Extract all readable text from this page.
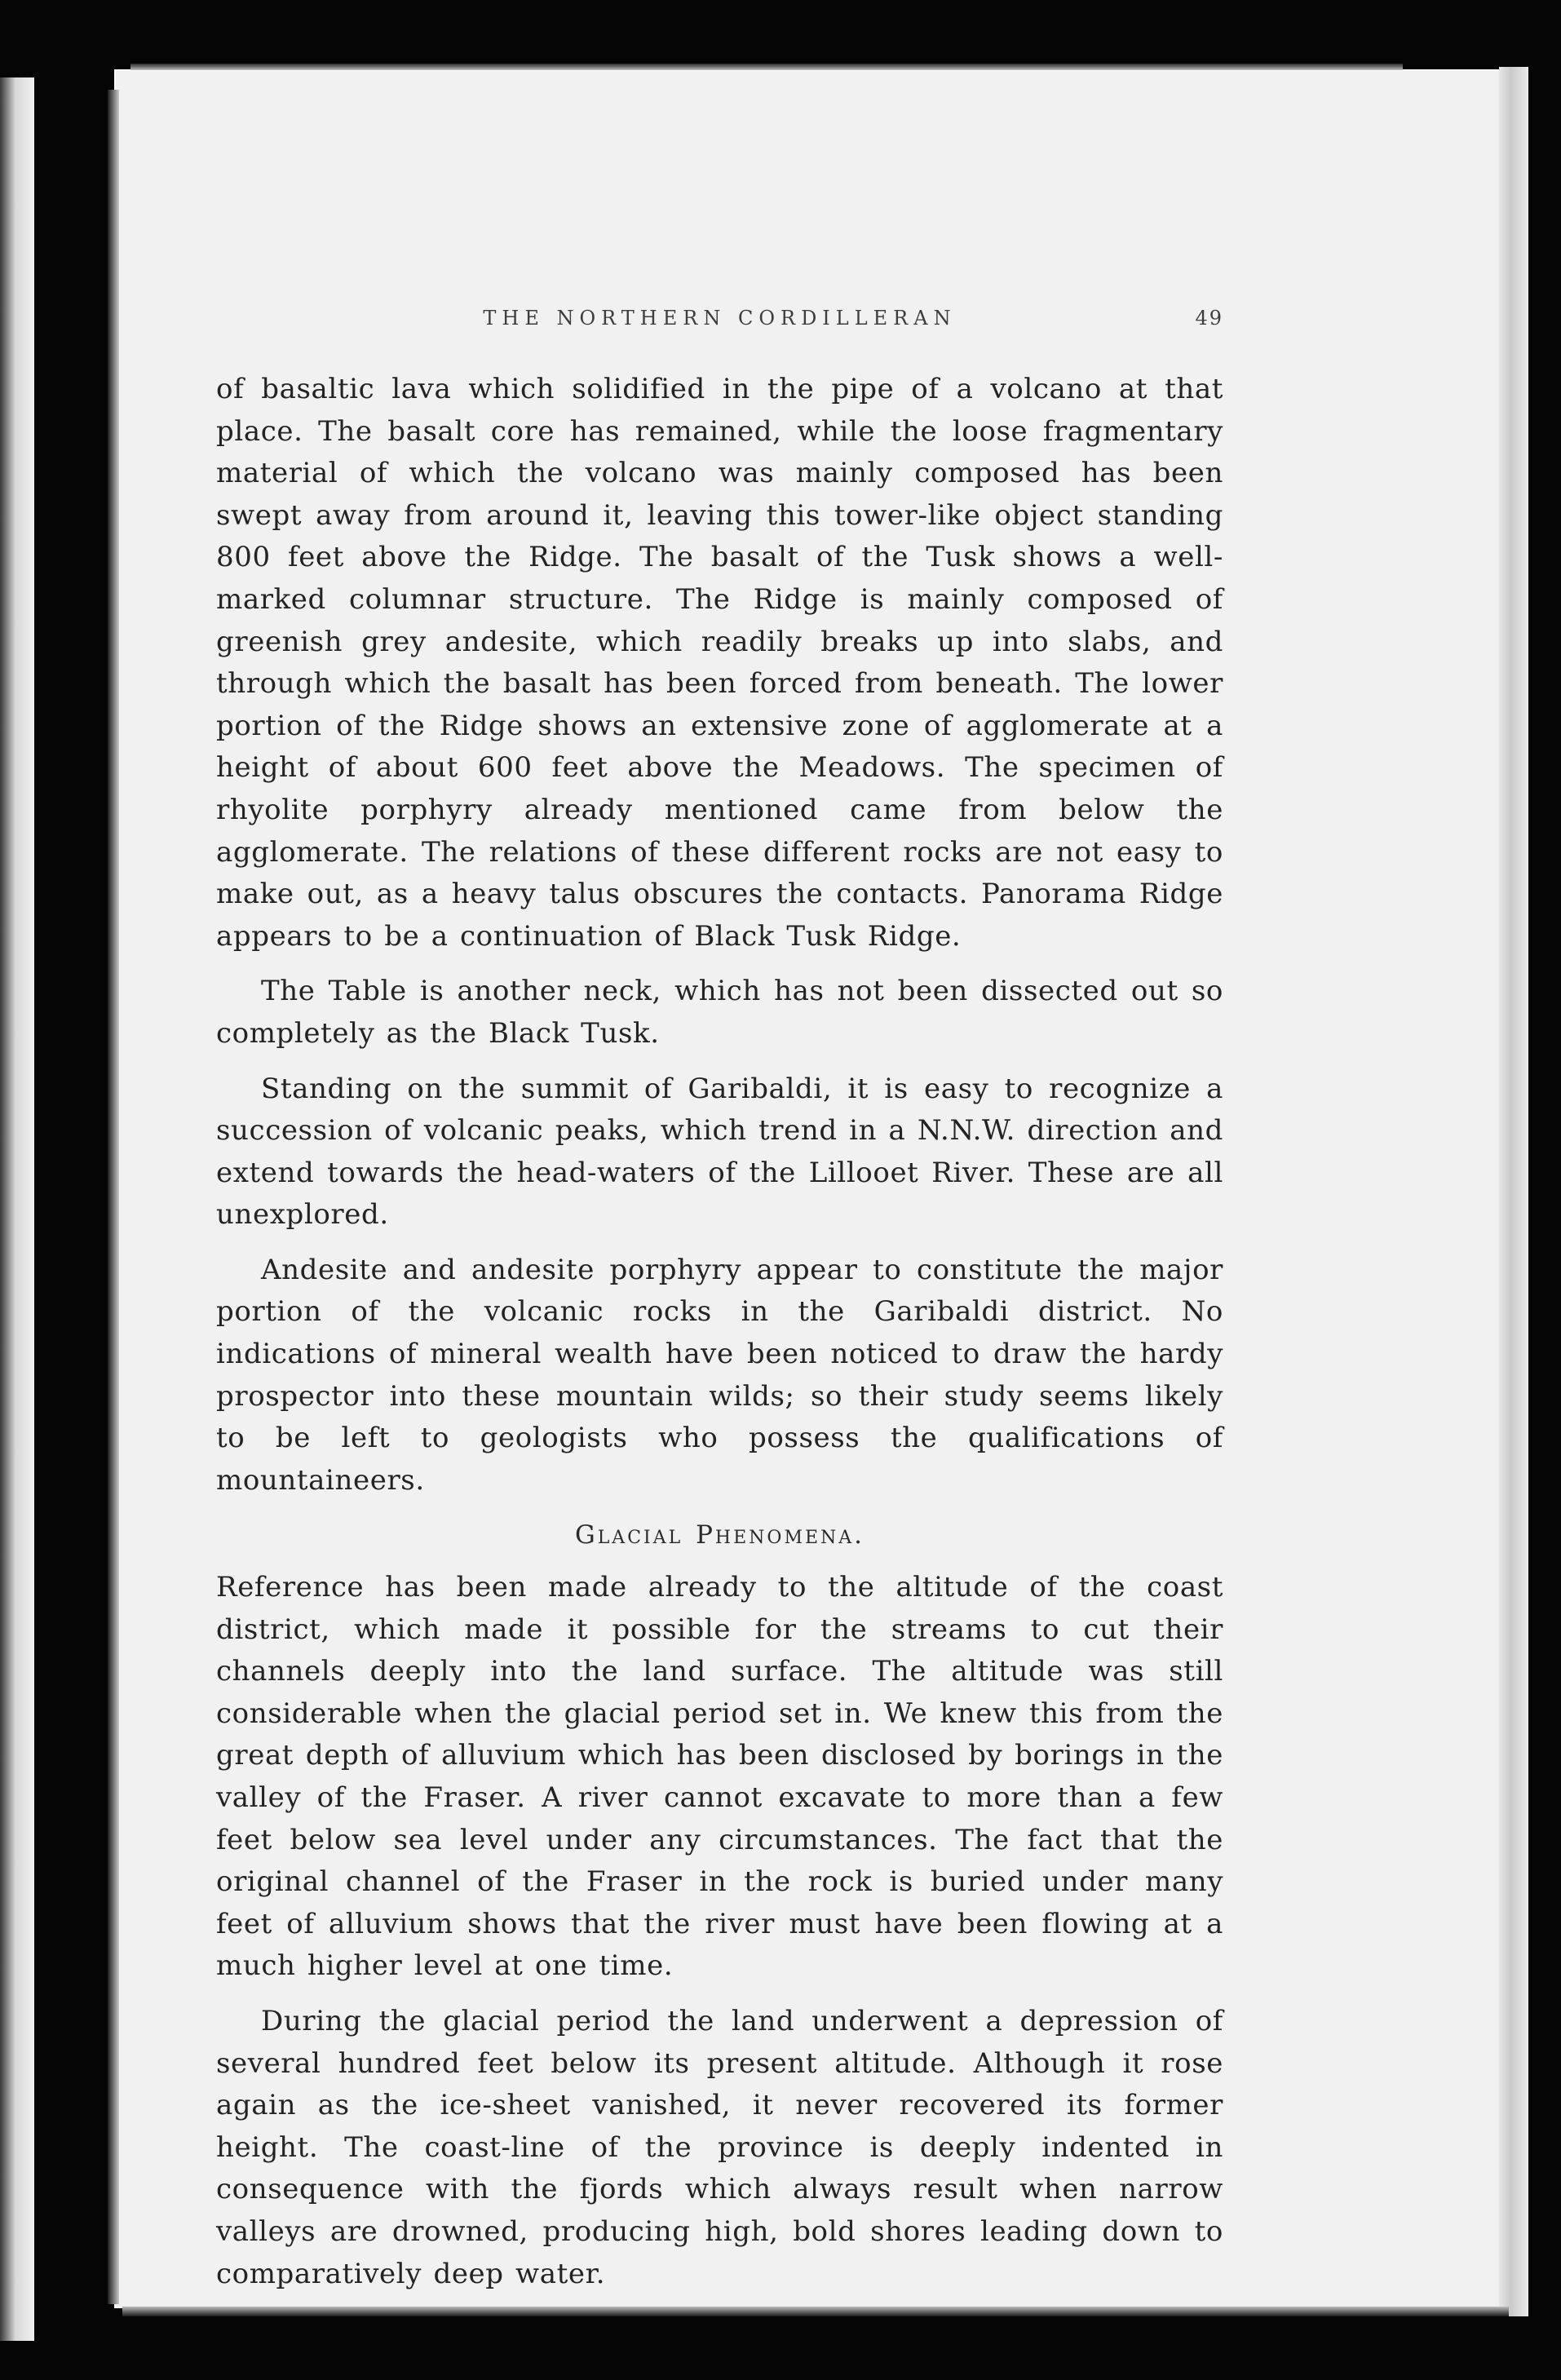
THE NORTHERN CORDILLERAN	49

of basaltic lava which solidified in the pipe of a volcano at that place. The basalt core has remained, while the loose fragmentary material of which the volcano was mainly composed has been swept away from around it, leaving this tower-like object standing 800 feet above the Ridge. The basalt of the Tusk shows a well-marked columnar structure. The Ridge is mainly composed of greenish grey andesite, which readily breaks up into slabs, and through which the basalt has been forced from beneath. The lower portion of the Ridge shows an extensive zone of agglomerate at a height of about 600 feet above the Meadows. The specimen of rhyolite porphyry already mentioned came from below the agglomerate. The relations of these different rocks are not easy to make out, as a heavy talus obscures the contacts. Panorama Ridge appears to be a continuation of Black Tusk Ridge.

The Table is another neck, which has not been dissected out so completely as the Black Tusk.

Standing on the summit of Garibaldi, it is easy to recognize a succession of volcanic peaks, which trend in a N.N.W. direction and extend towards the head-waters of the Lillooet River. These are all unexplored.

Andesite and andesite porphyry appear to constitute the major portion of the volcanic rocks in the Garibaldi district. No indications of mineral wealth have been noticed to draw the hardy prospector into these mountain wilds; so their study seems likely to be left to geologists who possess the qualifications of mountaineers.

Glacial Phenomena.

Reference has been made already to the altitude of the coast district, which made it possible for the streams to cut their channels deeply into the land surface. The altitude was still considerable when the glacial period set in. We knew this from the great depth of alluvium which has been disclosed by borings in the valley of the Fraser. A river cannot excavate to more than a few feet below sea level under any circumstances. The fact that the original channel of the Fraser in the rock is buried under many feet of alluvium shows that the river must have been flowing at a much higher level at one time.

During the glacial period the land underwent a depression of several hundred feet below its present altitude. Although it rose again as the ice-sheet vanished, it never recovered its former height. The coast-line of the province is deeply indented in consequence with the fjords which always result when narrow valleys are drowned, producing high, bold shores leading down to comparatively deep water.
